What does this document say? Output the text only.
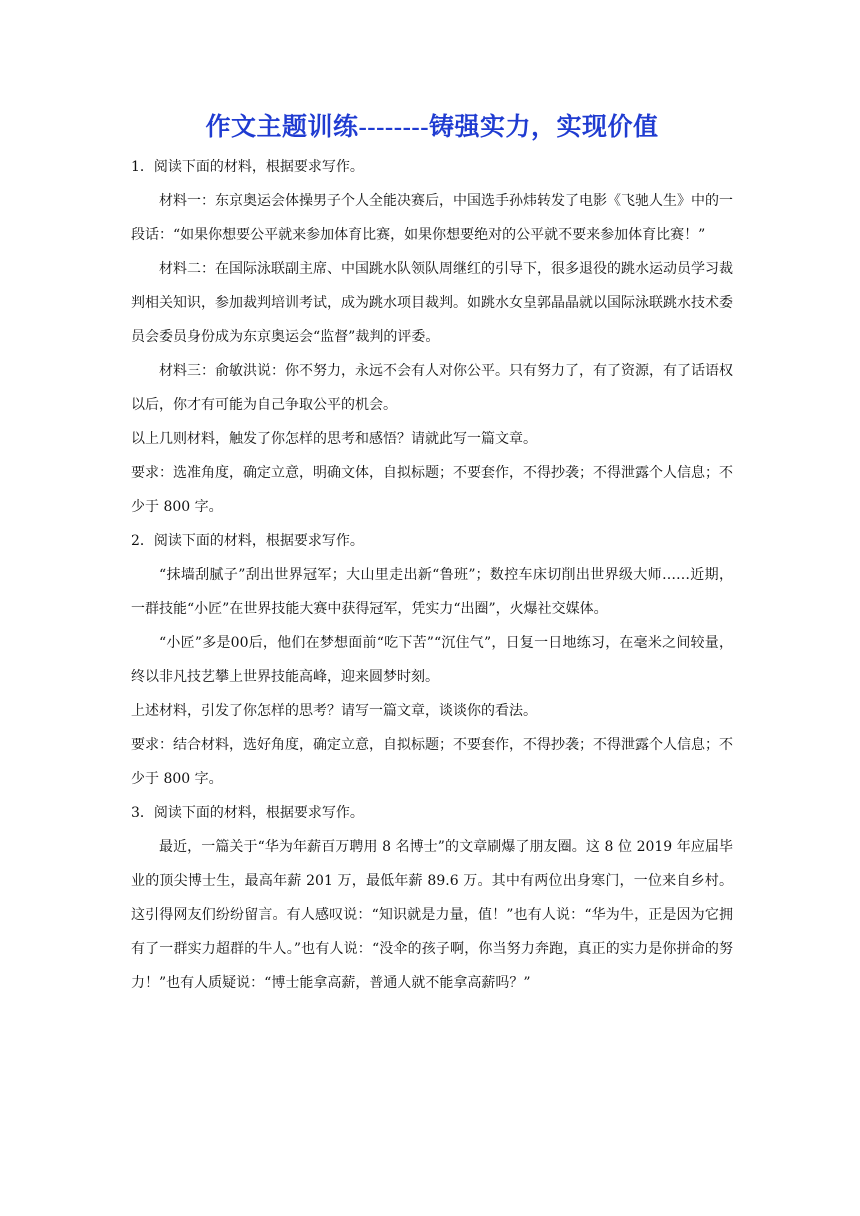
作文主题训练--------铸强实力，实现价值

1．阅读下面的材料，根据要求写作。

材料一：东京奥运会体操男子个人全能决赛后，中国选手孙炜转发了电影《飞驰人生》中的一段话：“如果你想要公平就来参加体育比赛，如果你想要绝对的公平就不要来参加体育比赛！”

材料二：在国际泳联副主席、中国跳水队领队周继红的引导下，很多退役的跳水运动员学习裁判相关知识，参加裁判培训考试，成为跳水项目裁判。如跳水女皇郭晶晶就以国际泳联跳水技术委员会委员身份成为东京奥运会“监督”裁判的评委。

材料三：俞敏洪说：你不努力，永远不会有人对你公平。只有努力了，有了资源，有了话语权以后，你才有可能为自己争取公平的机会。

以上几则材料，触发了你怎样的思考和感悟？请就此写一篇文章。

要求：选准角度，确定立意，明确文体，自拟标题；不要套作，不得抄袭；不得泄露个人信息；不少于 800 字。

2．阅读下面的材料，根据要求写作。

“抹墙刮腻子”刮出世界冠军；大山里走出新“鲁班”；数控车床切削出世界级大师……近期，一群技能“小匠”在世界技能大赛中获得冠军，凭实力“出圈”，火爆社交媒体。

“小匠”多是00后，他们在梦想面前“吃下苦”“沉住气”，日复一日地练习，在毫米之间较量，终以非凡技艺攀上世界技能高峰，迎来圆梦时刻。

上述材料，引发了你怎样的思考？请写一篇文章，谈谈你的看法。

要求：结合材料，选好角度，确定立意，自拟标题；不要套作，不得抄袭；不得泄露个人信息；不少于 800 字。

3．阅读下面的材料，根据要求写作。

最近，一篇关于“华为年薪百万聘用 8 名博士”的文章刷爆了朋友圈。这 8 位 2019 年应届毕业的顶尖博士生，最高年薪 201 万，最低年薪 89.6 万。其中有两位出身寒门，一位来自乡村。这引得网友们纷纷留言。有人感叹说：“知识就是力量，值！”也有人说：“华为牛，正是因为它拥有了一群实力超群的牛人。”也有人说：“没伞的孩子啊，你当努力奔跑，真正的实力是你拼命的努力！”也有人质疑说：“博士能拿高薪，普通人就不能拿高薪吗？”
